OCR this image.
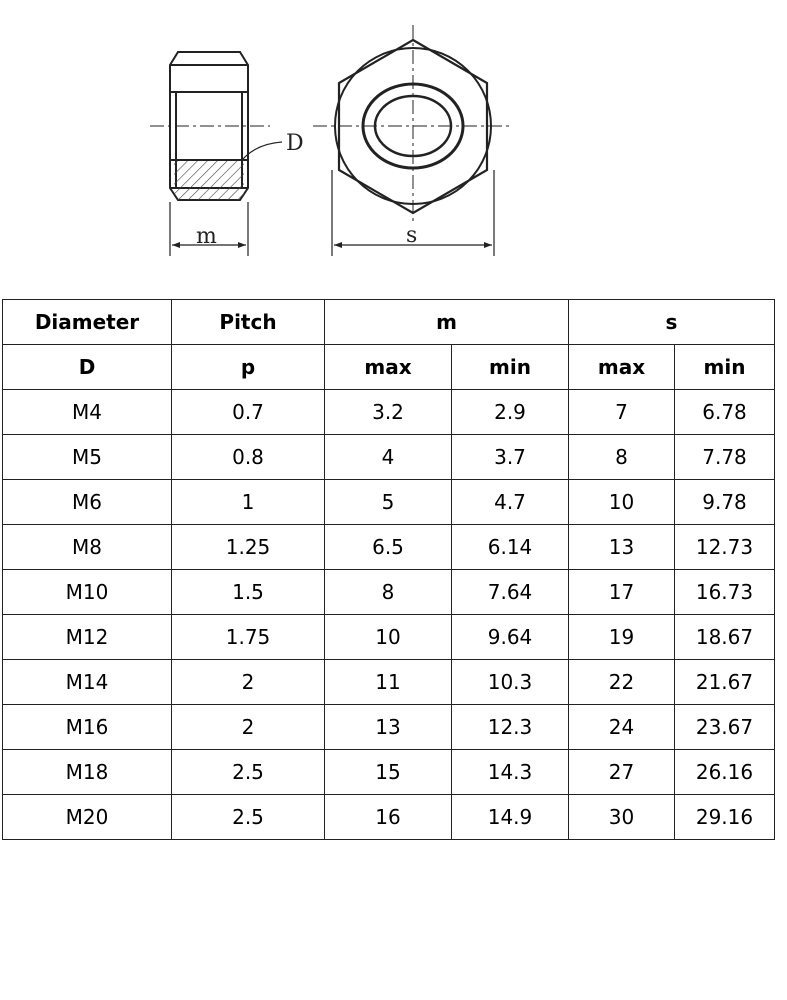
D
m	s
Diameter	Pitch	m		s	
D	p	max	min	max	min
M4	0.7	3.2	2.9	7	6.78
M5	0.8	4	3.7	8	7.78
M6	1	5	4.7	10	9.78
M8	1.25	6.5	6.14	13	12.73
M10	1.5	8	7.64	17	16.73
M12	1.75	10	9.64	19	18.67
M14	2	11	10.3	22	21.67
M16	2	13	12.3	24	23.67
M18	2.5	15	14.3	27	26.16
M20	2.5	16	14.9	30	29.16
